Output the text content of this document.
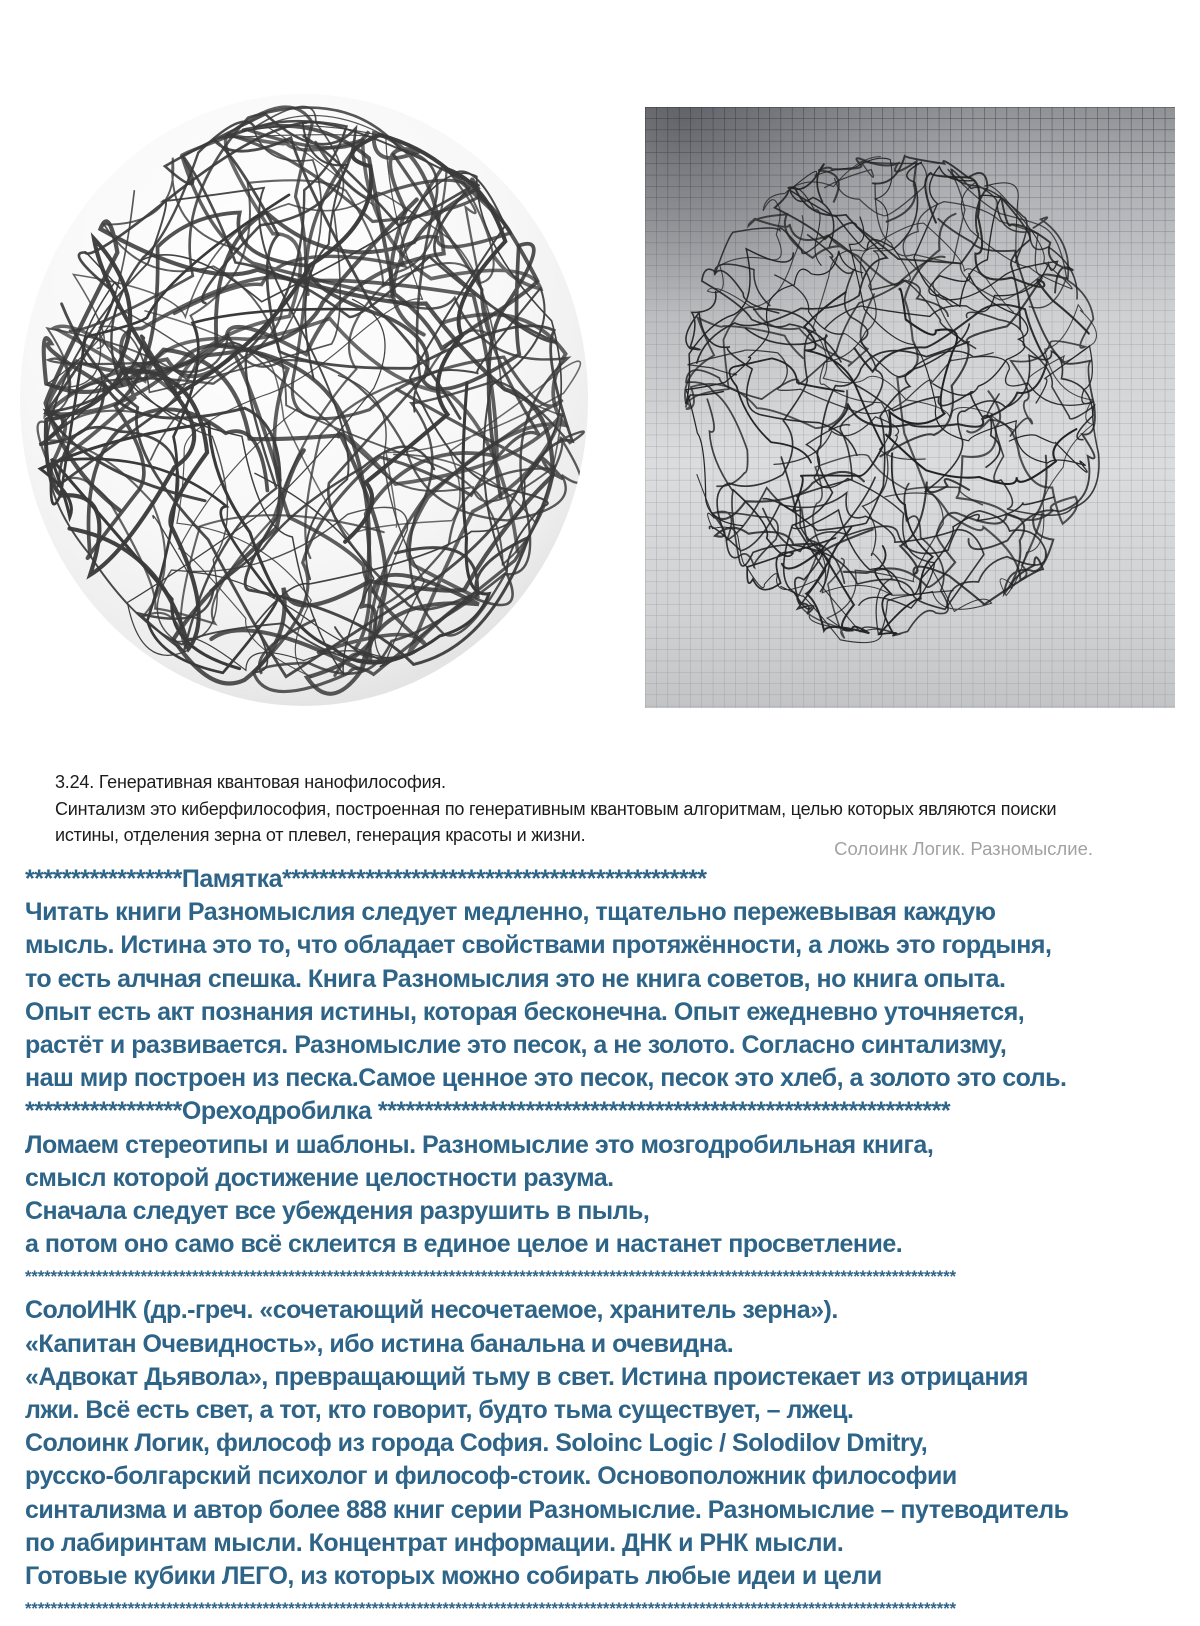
3.24. Генеративная квантовая нанофилософия.
Синтализм это киберфилософия, построенная по генеративным квантовым алгоритмам, целью которых являются поиски
истины, отделения зерна от плевел, генерация красоты и жизни.
Солоинк Логик. Разномыслие.
*****************Памятка**********************************************
Читать книги Разномыслия следует медленно, тщательно пережевывая каждую
мысль. Истина это то, что обладает свойствами протяжённости, а ложь это гордыня,
то есть алчная спешка. Книга Разномыслия это не книга советов, но книга опыта.
Опыт есть акт познания истины, которая бесконечна. Опыт ежедневно уточняется,
растёт и развивается. Разномыслие это песок, а не золото. Согласно синтализму,
наш мир построен из песка.Самое ценное это песок, песок это хлеб, а золото это соль.
*****************Ореходробилка **************************************************************
Ломаем стереотипы и шаблоны. Разномыслие это мозгодробильная книга,
смысл которой достижение целостности разума.
Сначала следует все убеждения разрушить в пыль,
а потом оно само всё склеится в единое целое и настанет просветление.
*************************************************************************************************************************************************
СолоИНК (др.-греч. «сочетающий несочетаемое, хранитель зерна»).
«Капитан Очевидность», ибо истина банальна и очевидна.
«Адвокат Дьявола», превращающий тьму в свет. Истина проистекает из отрицания
лжи. Всё есть свет, а тот, кто говорит, будто тьма существует, – лжец.
Солоинк Логик, философ из города София. Soloinc Logic / Solodilov Dmitry,
русско-болгарский психолог и философ-стоик. Основоположник философии
синтализма и автор более 888 книг серии Разномыслие. Разномыслие – путеводитель
по лабиринтам мысли. Концентрат информации. ДНК и РНК мысли.
Готовые кубики ЛЕГО, из которых можно собирать любые идеи и цели
*************************************************************************************************************************************************
